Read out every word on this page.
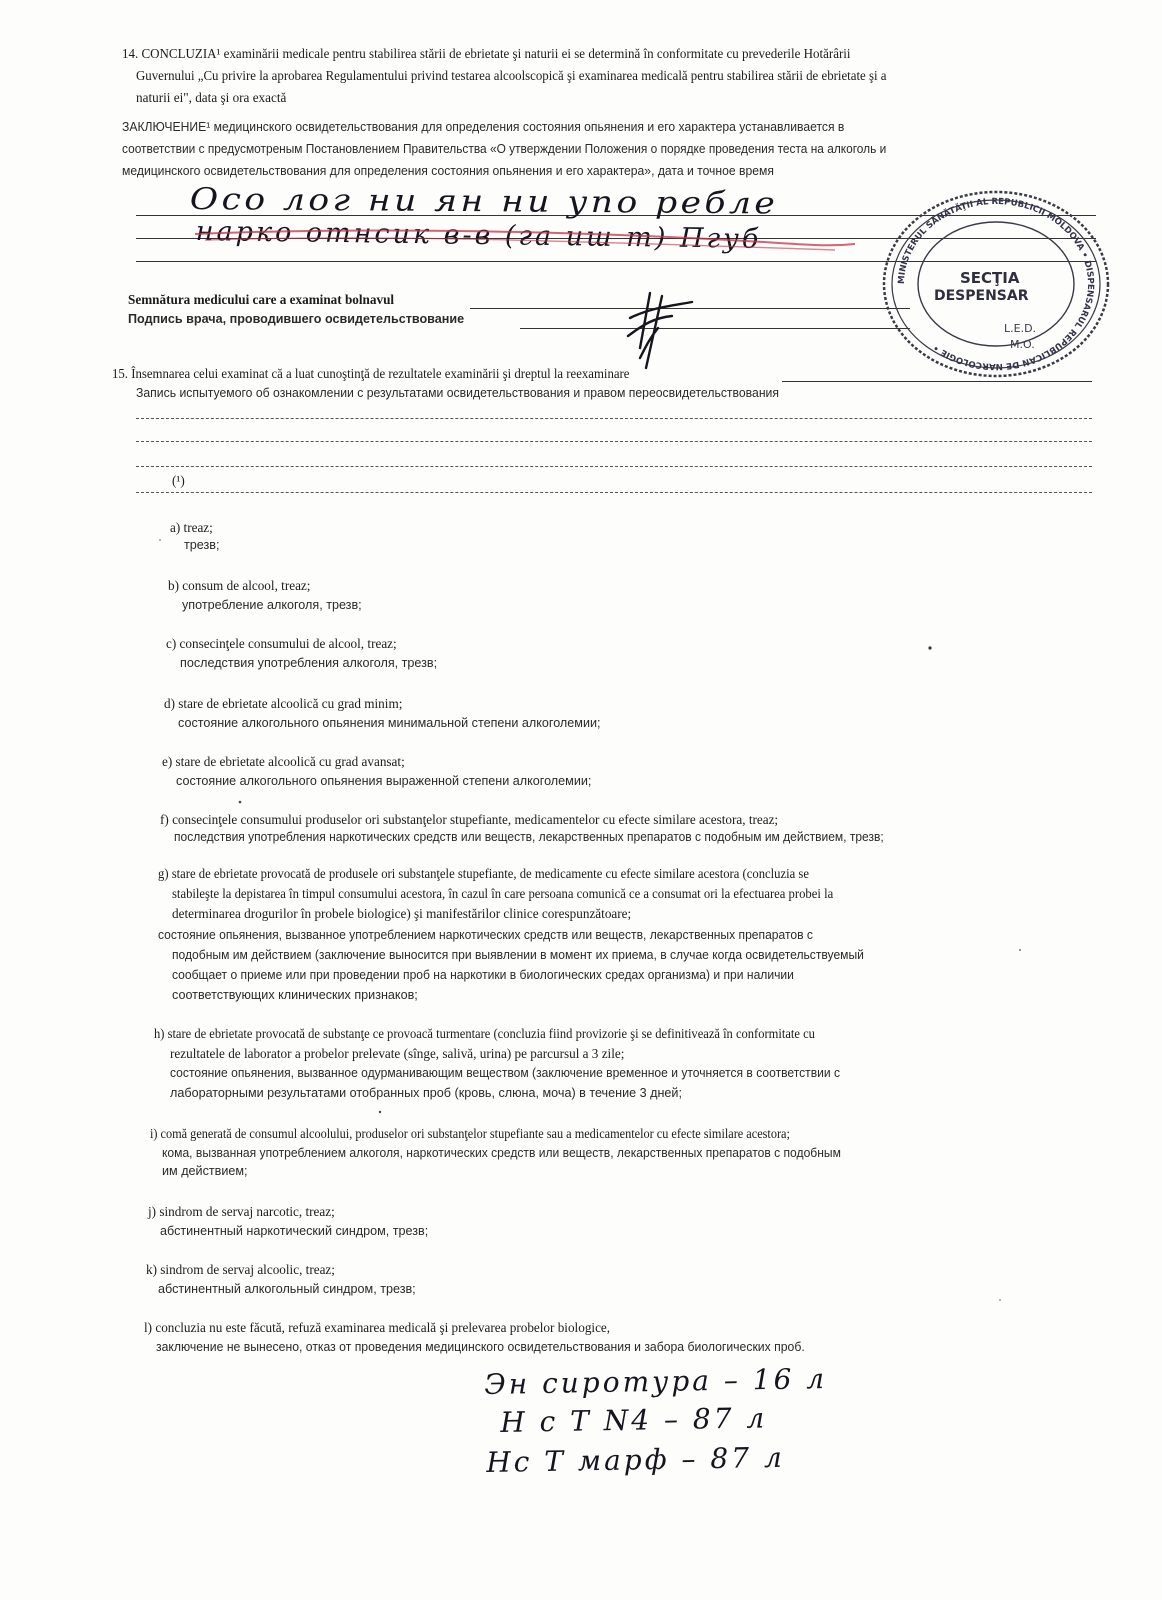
14. CONCLUZIA¹ examinării medicale pentru stabilirea stării de ebrietate şi naturii ei se determină în conformitate cu prevederile Hotărârii
Guvernului „Cu privire la aprobarea Regulamentului privind testarea alcoolscopică şi examinarea medicală pentru stabilirea stării de ebrietate şi a
naturii ei", data şi ora exactă
ЗАКЛЮЧЕНИЕ¹ медицинского освидетельствования для определения состояния опьянения и его характера устанавливается в
соответствии с предусмотреным Постановлением Правительства «О утверждении Положения о порядке проведения теста на алкоголь и
медицинского освидетельствования для определения состояния опьянения и его характера», дата и точное время
Осо лог ни ян ни упо ребле
нарко отнсик в-в (га иш т) Пгуб
Semnătura medicului care a examinat bolnavul
Подпись врача, проводившего освидетельствование
MINISTERUL SĂNĂTĂŢII AL REPUBLICII MOLDOVA • DISPENSARUL REPUBLICAN DE NARCOLOGIE •
SECŢIA
DESPENSAR
L.E.D.
M.O.
15. Însemnarea celui examinat că a luat cunoştinţă de rezultatele examinării şi dreptul la reexaminare
Запись испытуемого об ознакомлении с результатами освидетельствования и правом переосвидетельствования
(¹)
a) treaz;
трезв;
b) consum de alcool, treaz;
употребление алкоголя, трезв;
c) consecinţele consumului de alcool, treaz;
последствия употребления алкоголя, трезв;
d) stare de ebrietate alcoolică cu grad minim;
состояние алкогольного опьянения минимальной степени алкоголемии;
e) stare de ebrietate alcoolică cu grad avansat;
состояние алкогольного опьянения выраженной степени алкоголемии;
f) consecinţele consumului produselor ori substanţelor stupefiante, medicamentelor cu efecte similare acestora, treaz;
последствия употребления наркотических средств или веществ, лекарственных препаратов с подобным им действием, трезв;
g) stare de ebrietate provocată de produsele ori substanţele stupefiante, de medicamente cu efecte similare acestora (concluzia se
stabileşte la depistarea în timpul consumului acestora, în cazul în care persoana comunică ce a consumat ori la efectuarea probei la
determinarea drogurilor în probele biologice) şi manifestărilor clinice corespunzătoare;
состояние опьянения, вызванное употреблением наркотических средств или веществ, лекарственных препаратов с
подобным им действием (заключение выносится при выявлении в момент их приема, в случае когда освидетельствуемый
сообщает о приеме или при проведении проб на наркотики в биологических средах организма) и при наличии
соответствующих клинических признаков;
h) stare de ebrietate provocată de substanţe ce provoacă turmentare (concluzia fiind provizorie şi se definitivează în conformitate cu
rezultatele de laborator a probelor prelevate (sînge, salivă, urina) pe parcursul a 3 zile;
состояние опьянения, вызванное одурманивающим веществом (заключение временное и уточняется в соответствии с
лабораторными результатами отобранных проб (кровь, слюна, моча) в течение 3 дней;
i) comă generată de consumul alcoolului, produselor ori substanţelor stupefiante sau a medicamentelor cu efecte similare acestora;
кома, вызванная употреблением алкоголя, наркотических средств или веществ, лекарственных препаратов с подобным
им действием;
j) sindrom de servaj narcotic, treaz;
абстинентный наркотический синдром, трезв;
k) sindrom de servaj alcoolic, treaz;
абстинентный алкогольный синдром, трезв;
l) concluzia nu este făcută, refuză examinarea medicală şi prelevarea probelor biologice,
заключение не вынесено, отказ от проведения медицинского освидетельствования и забора биологических проб.
Эн сиротура – 16 л
Н с Т N4 – 87 л
Нс Т марф – 87 л
